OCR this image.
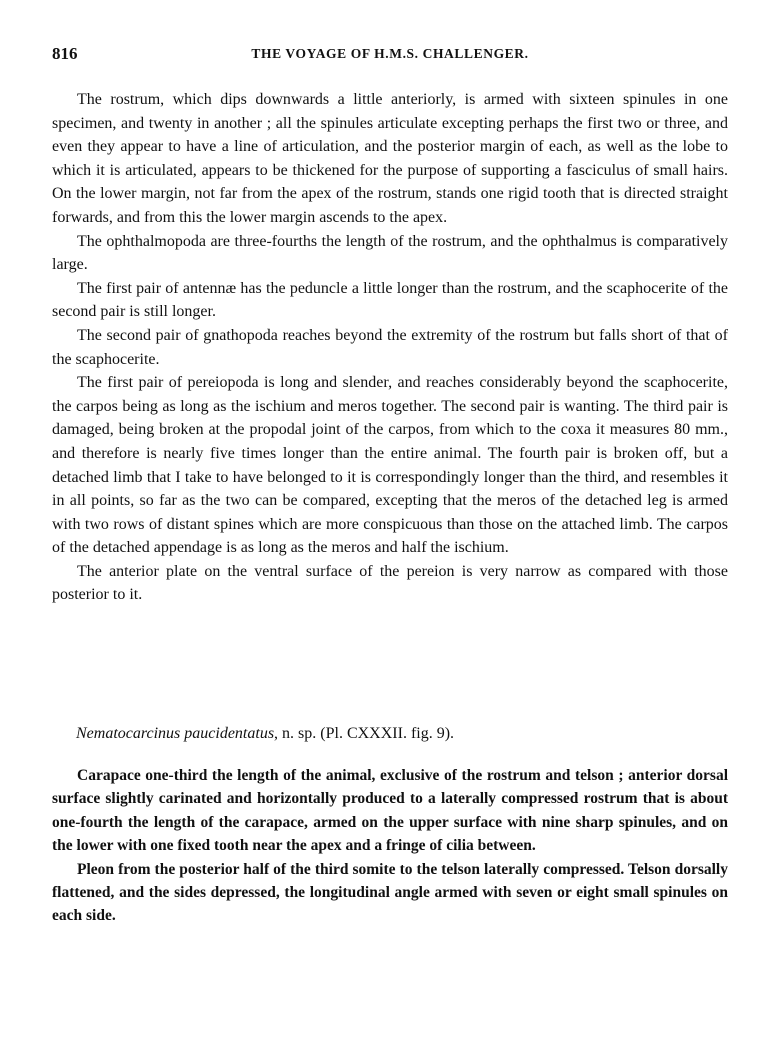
816	THE VOYAGE OF H.M.S. CHALLENGER.

The rostrum, which dips downwards a little anteriorly, is armed with sixteen spinules in one specimen, and twenty in another ; all the spinules articulate excepting perhaps the first two or three, and even they appear to have a line of articulation, and the posterior margin of each, as well as the lobe to which it is articulated, appears to be thickened for the purpose of supporting a fasciculus of small hairs. On the lower margin, not far from the apex of the rostrum, stands one rigid tooth that is directed straight forwards, and from this the lower margin ascends to the apex.

The ophthalmopoda are three-fourths the length of the rostrum, and the ophthalmus is comparatively large.

The first pair of antennæ has the peduncle a little longer than the rostrum, and the scaphocerite of the second pair is still longer.

The second pair of gnathopoda reaches beyond the extremity of the rostrum but falls short of that of the scaphocerite.

The first pair of pereiopoda is long and slender, and reaches considerably beyond the scaphocerite, the carpos being as long as the ischium and meros together. The second pair is wanting. The third pair is damaged, being broken at the propodal joint of the carpos, from which to the coxa it measures 80 mm., and therefore is nearly five times longer than the entire animal. The fourth pair is broken off, but a detached limb that I take to have belonged to it is correspondingly longer than the third, and resembles it in all points, so far as the two can be compared, excepting that the meros of the detached leg is armed with two rows of distant spines which are more conspicuous than those on the attached limb. The carpos of the detached appendage is as long as the meros and half the ischium.

The anterior plate on the ventral surface of the pereion is very narrow as compared with those posterior to it.

Nematocarcinus paucidentatus, n. sp. (Pl. CXXXII. fig. 9).

Carapace one-third the length of the animal, exclusive of the rostrum and telson ; anterior dorsal surface slightly carinated and horizontally produced to a laterally compressed rostrum that is about one-fourth the length of the carapace, armed on the upper surface with nine sharp spinules, and on the lower with one fixed tooth near the apex and a fringe of cilia between.

Pleon from the posterior half of the third somite to the telson laterally compressed. Telson dorsally flattened, and the sides depressed, the longitudinal angle armed with seven or eight small spinules on each side.
